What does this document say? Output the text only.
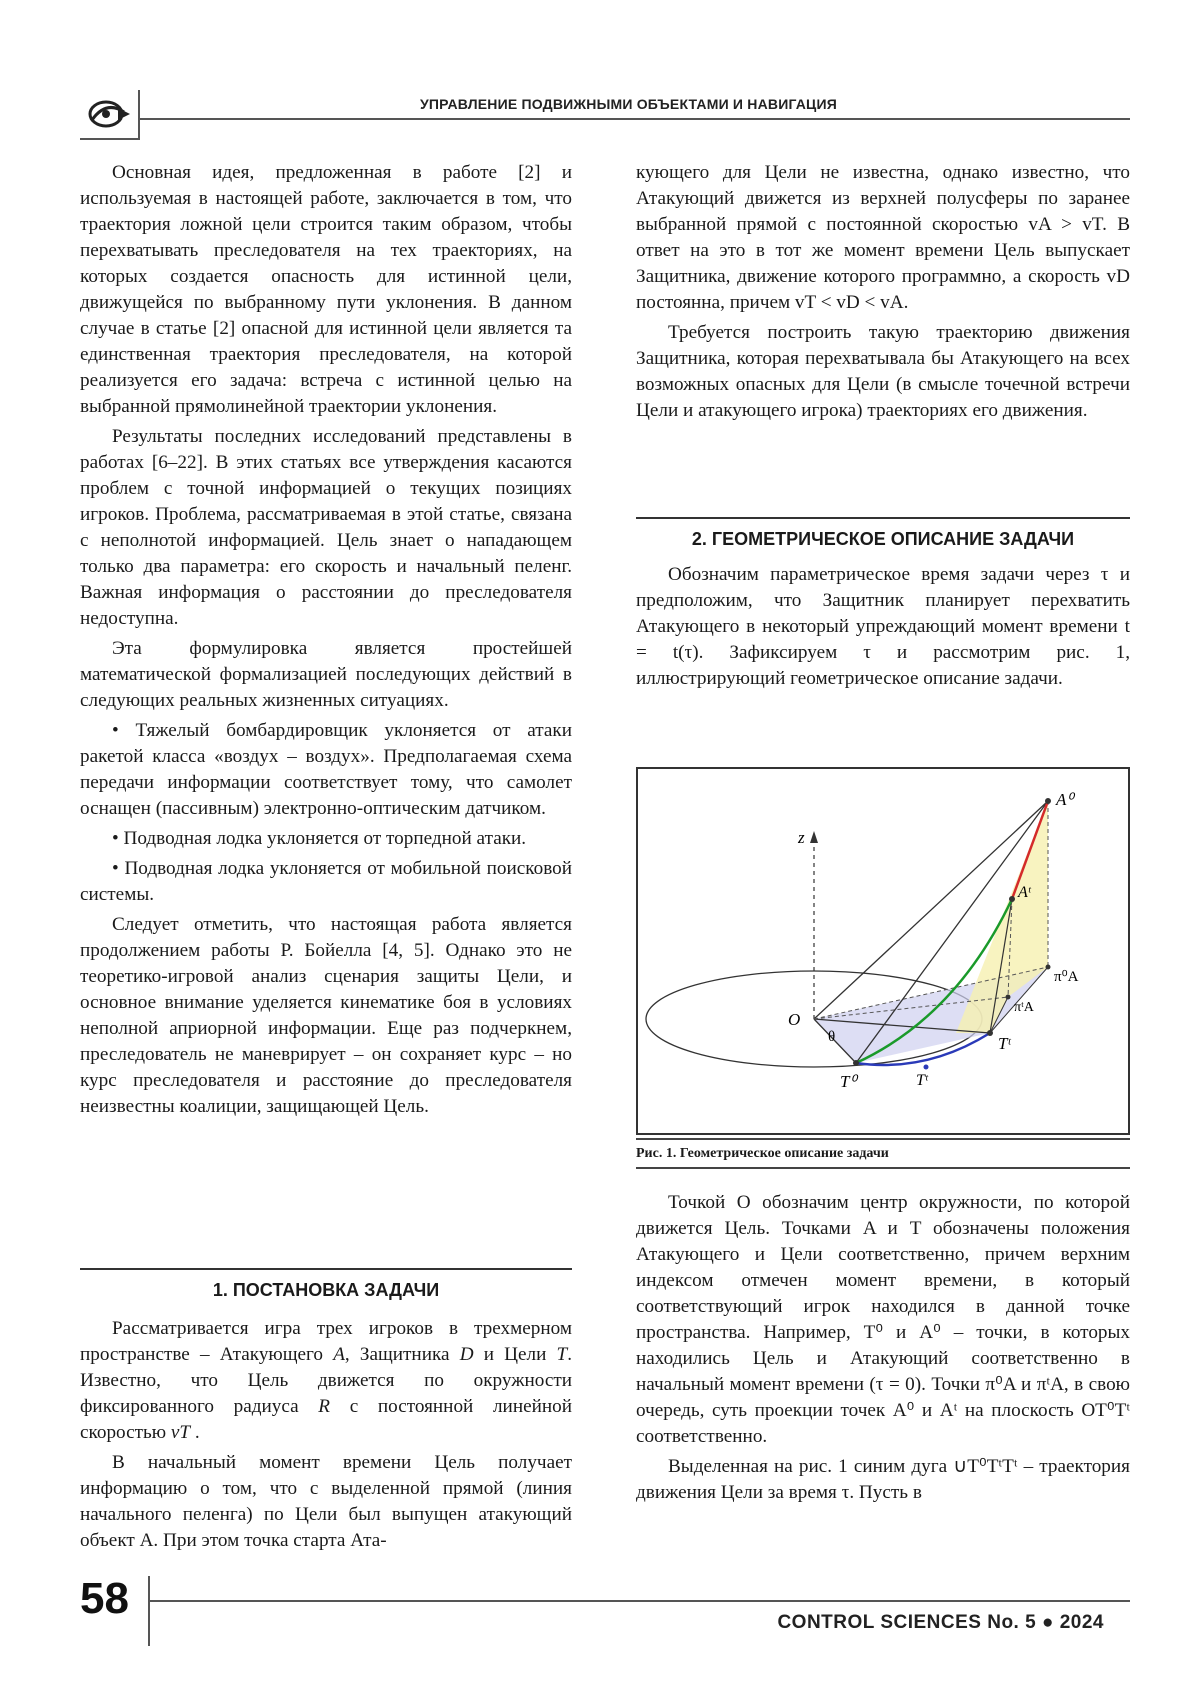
УПРАВЛЕНИЕ ПОДВИЖНЫМИ ОБЪЕКТАМИ И НАВИГАЦИЯ

Основная идея, предложенная в работе [2] и используемая в настоящей работе, заключается в том, что траектория ложной цели строится таким образом, чтобы перехватывать преследователя на тех траекториях, на которых создается опасность для истинной цели, движущейся по выбранному пути уклонения. В данном случае в статье [2] опасной для истинной цели является та единственная траектория преследователя, на которой реализуется его задача: встреча с истинной целью на выбранной прямолинейной траектории уклонения.

Результаты последних исследований представлены в работах [6–22]. В этих статьях все утверждения касаются проблем с точной информацией о текущих позициях игроков. Проблема, рассматриваемая в этой статье, связана с неполнотой информацией. Цель знает о нападающем только два параметра: его скорость и начальный пеленг. Важная информация о расстоянии до преследователя недоступна.

Эта формулировка является простейшей математической формализацией последующих действий в следующих реальных жизненных ситуациях.

• Тяжелый бомбардировщик уклоняется от атаки ракетой класса «воздух – воздух». Предполагаемая схема передачи информации соответствует тому, что самолет оснащен (пассивным) электронно-оптическим датчиком.

• Подводная лодка уклоняется от торпедной атаки.

• Подводная лодка уклоняется от мобильной поисковой системы.

Следует отметить, что настоящая работа является продолжением работы Р. Бойелла [4, 5]. Однако это не теоретико-игровой анализ сценария защиты Цели, и основное внимание уделяется кинематике боя в условиях неполной априорной информации. Еще раз подчеркнем, преследователь не маневрирует – он сохраняет курс – но курс преследователя и расстояние до преследователя неизвестны коалиции, защищающей Цель.

1. ПОСТАНОВКА ЗАДАЧИ

Рассматривается игра трех игроков в трехмерном пространстве – Атакующего A, Защитника D и Цели T. Известно, что Цель движется по окружности фиксированного радиуса R с постоянной линейной скоростью vT .

В начальный момент времени Цель получает информацию о том, что с выделенной прямой (линия начального пеленга) по Цели был выпущен атакующий объект A. При этом точка старта Ата-

кующего для Цели не известна, однако известно, что Атакующий движется из верхней полусферы по заранее выбранной прямой с постоянной скоростью vA > vT. В ответ на это в тот же момент времени Цель выпускает Защитника, движение которого программно, а скорость vD постоянна, причем vT < vD < vA.

Требуется построить такую траекторию движения Защитника, которая перехватывала бы Атакующего на всех возможных опасных для Цели (в смысле точечной встречи Цели и атакующего игрока) траекториях его движения.

2. ГЕОМЕТРИЧЕСКОЕ ОПИСАНИЕ ЗАДАЧИ

Обозначим параметрическое время задачи через τ и предположим, что Защитник планирует перехватить Атакующего в некоторый упреждающий момент времени t = t(τ). Зафиксируем τ и рассмотрим рис. 1, иллюстрирующий геометрическое описание задачи.

z
O
θ
A⁰
Aᵗ
π⁰A
πᵗA
T⁰	Tᵗ
Tᵗ
Рис. 1. Геометрическое описание задачи

Точкой O обозначим центр окружности, по которой движется Цель. Точками A и T обозначены положения Атакующего и Цели соответственно, причем верхним индексом отмечен момент времени, в который соответствующий игрок находился в данной точке пространства. Например, T⁰ и A⁰ – точки, в которых находились Цель и Атакующий соответственно в начальный момент времени (τ = 0). Точки π⁰A и πᵗA, в свою очередь, суть проекции точек A⁰ и Aᵗ на плоскость OT⁰Tᵗ соответственно.

Выделенная на рис. 1 синим дуга ∪T⁰TᵗTᵗ – траектория движения Цели за время τ. Пусть в

58	CONTROL SCIENCES No. 5 ● 2024
